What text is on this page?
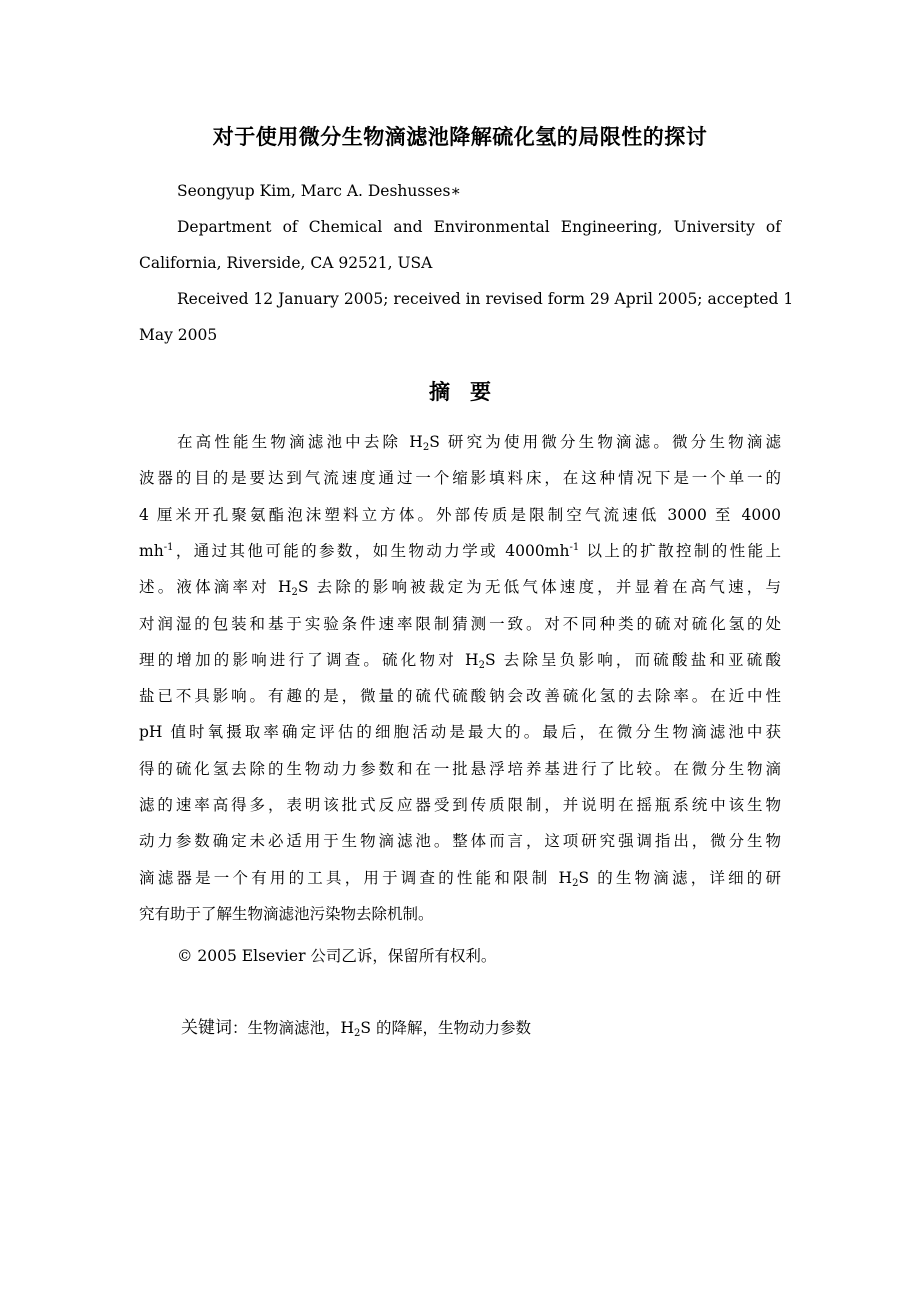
对于使用微分生物滴滤池降解硫化氢的局限性的探讨
Seongyup Kim, Marc A. Deshusses∗
Department of Chemical and Environmental Engineering, University of
California, Riverside, CA 92521, USA
Received 12 January 2005; received in revised form 29 April 2005; accepted 1
May 2005
摘要
在高性能生物滴滤池中去除 $H_2S$ 研究为使用微分生物滴滤。微分生物滴滤
波器的目的是要达到气流速度通过一个缩影填料床，在这种情况下是一个单一的
4 厘米开孔聚氨酯泡沫塑料立方体。外部传质是限制空气流速低 3000 至 4000
$mh^{-1}$，通过其他可能的参数，如生物动力学或 $4000mh^{-1}$ 以上的扩散控制的性能上
述。液体滴率对 $H_2S$ 去除的影响被裁定为无低气体速度，并显着在高气速，与
对润湿的包装和基于实验条件速率限制猜测一致。对不同种类的硫对硫化氢的处
理的增加的影响进行了调查。硫化物对 $H_2S$ 去除呈负影响，而硫酸盐和亚硫酸
盐已不具影响。有趣的是，微量的硫代硫酸钠会改善硫化氢的去除率。在近中性
pH 值时氧摄取率确定评估的细胞活动是最大的。最后，在微分生物滴滤池中获
得的硫化氢去除的生物动力参数和在一批悬浮培养基进行了比较。在微分生物滴
滤的速率高得多，表明该批式反应器受到传质限制，并说明在摇瓶系统中该生物
动力参数确定未必适用于生物滴滤池。整体而言，这项研究强调指出，微分生物
滴滤器是一个有用的工具，用于调查的性能和限制 $H_2S$ 的生物滴滤，详细的研
究有助于了解生物滴滤池污染物去除机制。
© 2005 Elsevier 公司乙诉，保留所有权利。
关键词：生物滴滤池，$H_2S$ 的降解，生物动力参数
